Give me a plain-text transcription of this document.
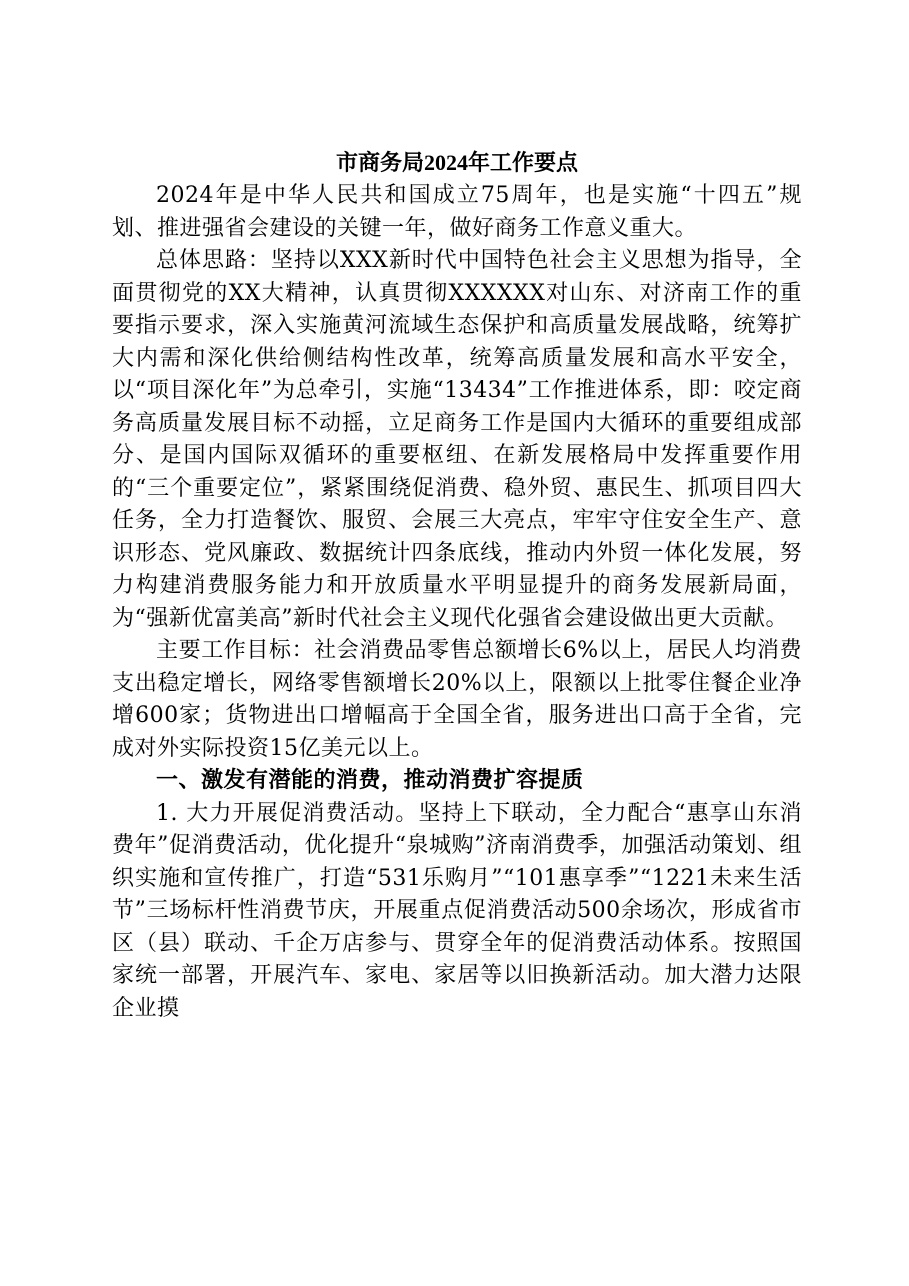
市商务局2024年工作要点

2024年是中华人民共和国成立75周年，也是实施“十四五”规划、推进强省会建设的关键一年，做好商务工作意义重大。

总体思路：坚持以XXX新时代中国特色社会主义思想为指导，全面贯彻党的XX大精神，认真贯彻XXXXXX对山东、对济南工作的重要指示要求，深入实施黄河流域生态保护和高质量发展战略，统筹扩大内需和深化供给侧结构性改革，统筹高质量发展和高水平安全，以“项目深化年”为总牵引，实施“13434”工作推进体系，即：咬定商务高质量发展目标不动摇，立足商务工作是国内大循环的重要组成部分、是国内国际双循环的重要枢纽、在新发展格局中发挥重要作用的“三个重要定位”，紧紧围绕促消费、稳外贸、惠民生、抓项目四大任务，全力打造餐饮、服贸、会展三大亮点，牢牢守住安全生产、意识形态、党风廉政、数据统计四条底线，推动内外贸一体化发展，努力构建消费服务能力和开放质量水平明显提升的商务发展新局面，为“强新优富美高”新时代社会主义现代化强省会建设做出更大贡献。

主要工作目标：社会消费品零售总额增长6%以上，居民人均消费支出稳定增长，网络零售额增长20%以上，限额以上批零住餐企业净增600家；货物进出口增幅高于全国全省，服务进出口高于全省，完成对外实际投资15亿美元以上。

一、激发有潜能的消费，推动消费扩容提质

1. 大力开展促消费活动。坚持上下联动，全力配合“惠享山东消费年”促消费活动，优化提升“泉城购”济南消费季，加强活动策划、组织实施和宣传推广，打造“531乐购月”“101惠享季”“1221未来生活节”三场标杆性消费节庆，开展重点促消费活动500余场次，形成省市区（县）联动、千企万店参与、贯穿全年的促消费活动体系。按照国家统一部署，开展汽车、家电、家居等以旧换新活动。加大潜力达限企业摸
